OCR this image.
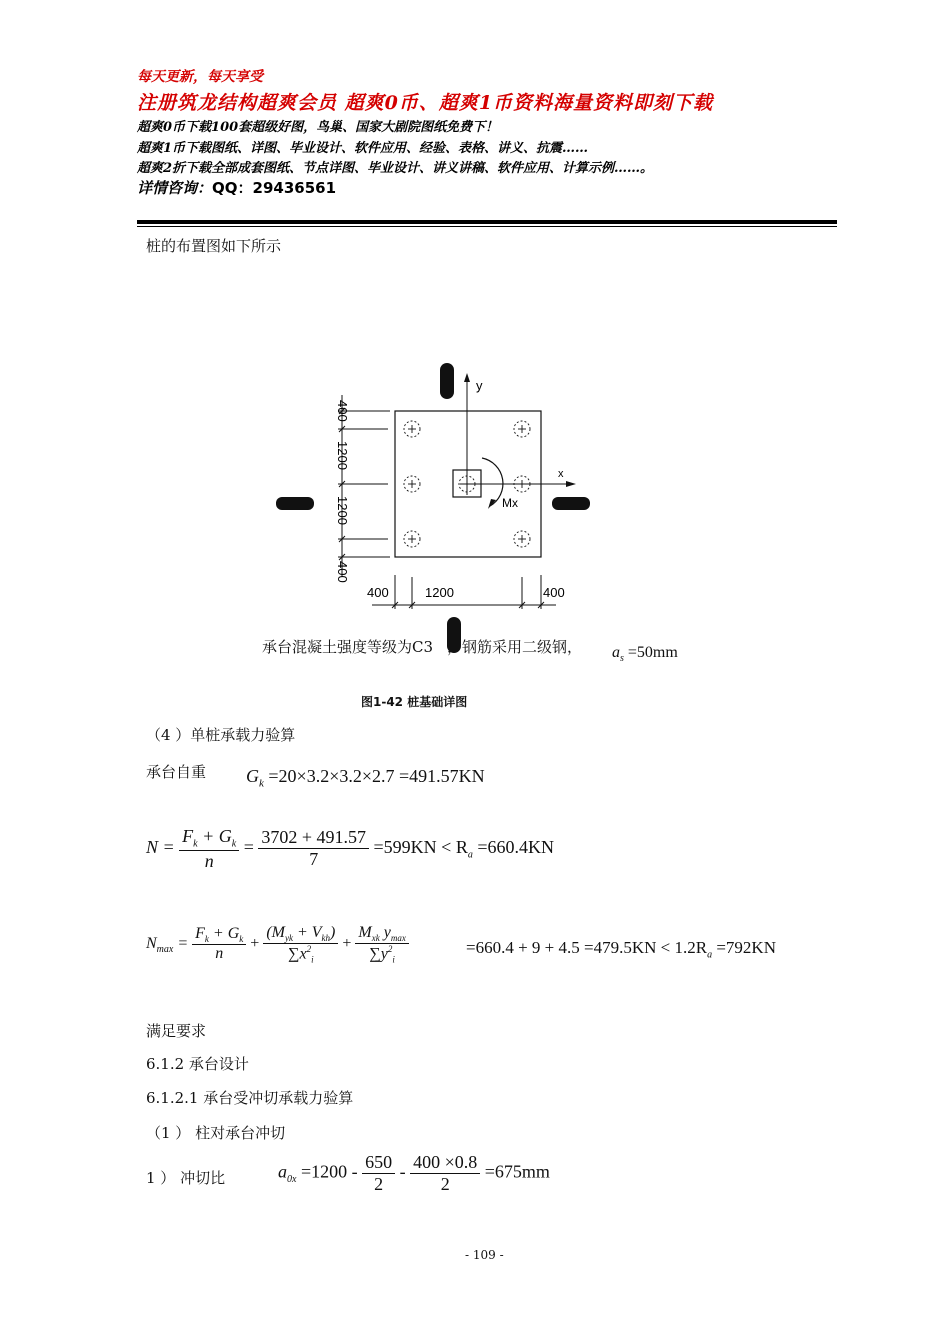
每天更新，每天享受
注册筑龙结构超爽会员 超爽0币、超爽1币资料海量资料即刻下载
超爽0币下载100套超级好图，鸟巢、国家大剧院图纸免费下！
超爽1币下载图纸、详图、毕业设计、软件应用、经验、表格、讲义、抗震……
超爽2折下载全部成套图纸、节点详图、毕业设计、讲义讲稿、软件应用、计算示例……。
详情咨询：QQ：29436561
桩的布置图如下所示
y
x
Mx
400
1200
1200
400
400	1200	400
承台混凝土强度等级为C3 ，钢筋采用二级钢， $a_s =50mm$
图1-42 桩基础详图
（4 ）单桩承载力验算
承台自重 $G_k =20\times 3.2\times 3.2\times 2.7 =491.57KN$
$N = \frac{F_k + G_k}{n} = \frac{3702 + 491.57}{7} =599KN < R_a =660.4KN$
$N_{max} = \frac{F_k + G_k}{n} + \frac{(M_{yk} + V_{kh})}{\sum x^2_i} + \frac{M_{xk} y_{max}}{\sum y^2_i}$	$=660.4 + 9 + 4.5 =479.5KN < 1.2R_a =792KN$
满足要求
6.1.2 承台设计
6.1.2.1 承台受冲切承载力验算
（1 ） 柱对承台冲切
1 ） 冲切比	$a_{0x} =1200 - \frac{650}{2} - \frac{400 \times 0.8}{2} =675mm$
- 109 -
